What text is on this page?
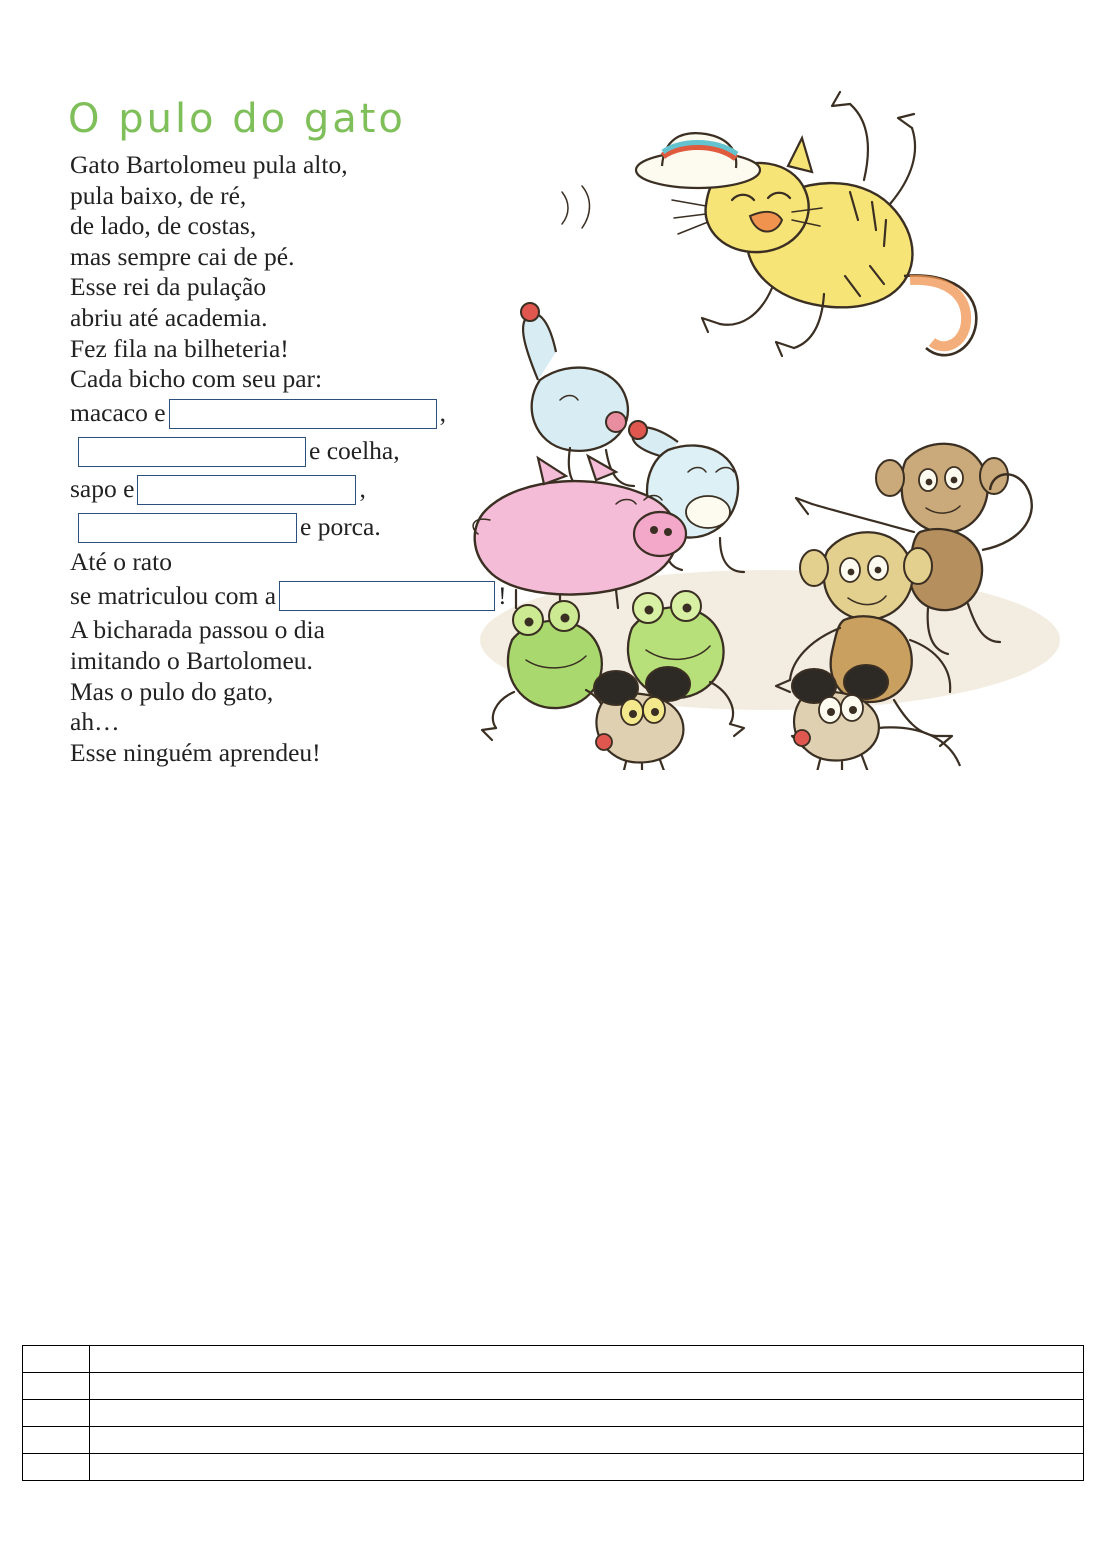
O pulo do gato
Gato Bartolomeu pula alto,
pula baixo, de ré,
de lado, de costas,
mas sempre cai de pé.
Esse rei da pulação
abriu até academia.
Fez fila na bilheteria!
Cada bicho com seu par:
macaco e	,
e coelha,
sapo e	,
e porca.
Até o rato
se matriculou com a	!
A bicharada passou o dia
imitando o Bartolomeu.
Mas o pulo do gato,
ah…
Esse ninguém aprendeu!
